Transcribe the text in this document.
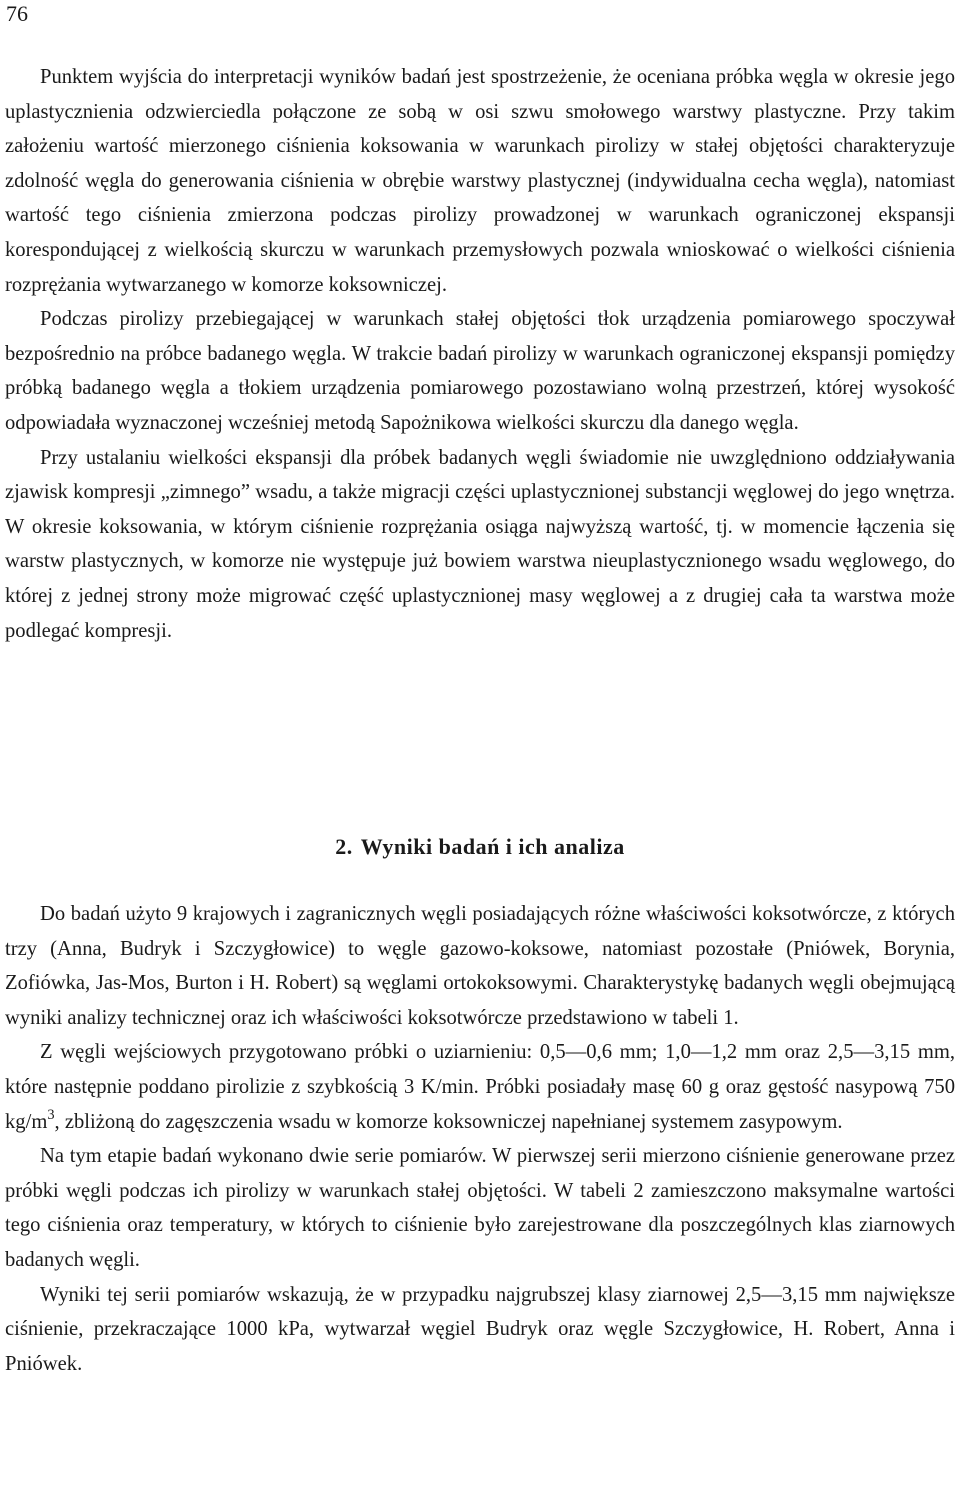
76

Punktem wyjścia do interpretacji wyników badań jest spostrzeżenie, że oceniana próbka węgla w okresie jego uplastycznienia odzwierciedla połączone ze sobą w osi szwu smołowego warstwy plastyczne. Przy takim założeniu wartość mierzonego ciśnienia koksowania w warunkach pirolizy w stałej objętości charakteryzuje zdolność węgla do generowania ciśnienia w obrębie warstwy plastycznej (indywidualna cecha węgla), natomiast wartość tego ciśnienia zmierzona podczas pirolizy prowadzonej w warunkach ograniczonej ekspansji korespondującej z wielkością skurczu w warunkach przemysłowych pozwala wnioskować o wielkości ciśnienia rozprężania wytwarzanego w komorze koksowniczej.

Podczas pirolizy przebiegającej w warunkach stałej objętości tłok urządzenia pomiarowego spoczywał bezpośrednio na próbce badanego węgla. W trakcie badań pirolizy w warunkach ograniczonej ekspansji pomiędzy próbką badanego węgla a tłokiem urządzenia pomiarowego pozostawiano wolną przestrzeń, której wysokość odpowiadała wyznaczonej wcześniej metodą Sapożnikowa wielkości skurczu dla danego węgla.

Przy ustalaniu wielkości ekspansji dla próbek badanych węgli świadomie nie uwzględniono oddziaływania zjawisk kompresji „zimnego” wsadu, a także migracji części uplastycznionej substancji węglowej do jego wnętrza. W okresie koksowania, w którym ciśnienie rozprężania osiąga najwyższą wartość, tj. w momencie łączenia się warstw plastycznych, w komorze nie występuje już bowiem warstwa nieuplastycznionego wsadu węglowego, do której z jednej strony może migrować część uplastycznionej masy węglowej a z drugiej cała ta warstwa może podlegać kompresji.

2. Wyniki badań i ich analiza

Do badań użyto 9 krajowych i zagranicznych węgli posiadających różne właściwości koksotwórcze, z których trzy (Anna, Budryk i Szczygłowice) to węgle gazowo-koksowe, natomiast pozostałe (Pniówek, Borynia, Zofiówka, Jas-Mos, Burton i H. Robert) są węglami ortokoksowymi. Charakterystykę badanych węgli obejmującą wyniki analizy technicznej oraz ich właściwości koksotwórcze przedstawiono w tabeli 1.

Z węgli wejściowych przygotowano próbki o uziarnieniu: 0,5—0,6 mm; 1,0—1,2 mm oraz 2,5—3,15 mm, które następnie poddano pirolizie z szybkością 3 K/min. Próbki posiadały masę 60 g oraz gęstość nasypową 750 $kg/m^3$, zbliżoną do zagęszczenia wsadu w komorze koksowniczej napełnianej systemem zasypowym.

Na tym etapie badań wykonano dwie serie pomiarów. W pierwszej serii mierzono ciśnienie generowane przez próbki węgli podczas ich pirolizy w warunkach stałej objętości. W tabeli 2 zamieszczono maksymalne wartości tego ciśnienia oraz temperatury, w których to ciśnienie było zarejestrowane dla poszczególnych klas ziarnowych badanych węgli.

Wyniki tej serii pomiarów wskazują, że w przypadku najgrubszej klasy ziarnowej 2,5—3,15 mm największe ciśnienie, przekraczające 1000 kPa, wytwarzał węgiel Budryk oraz węgle Szczygłowice, H. Robert, Anna i Pniówek.
